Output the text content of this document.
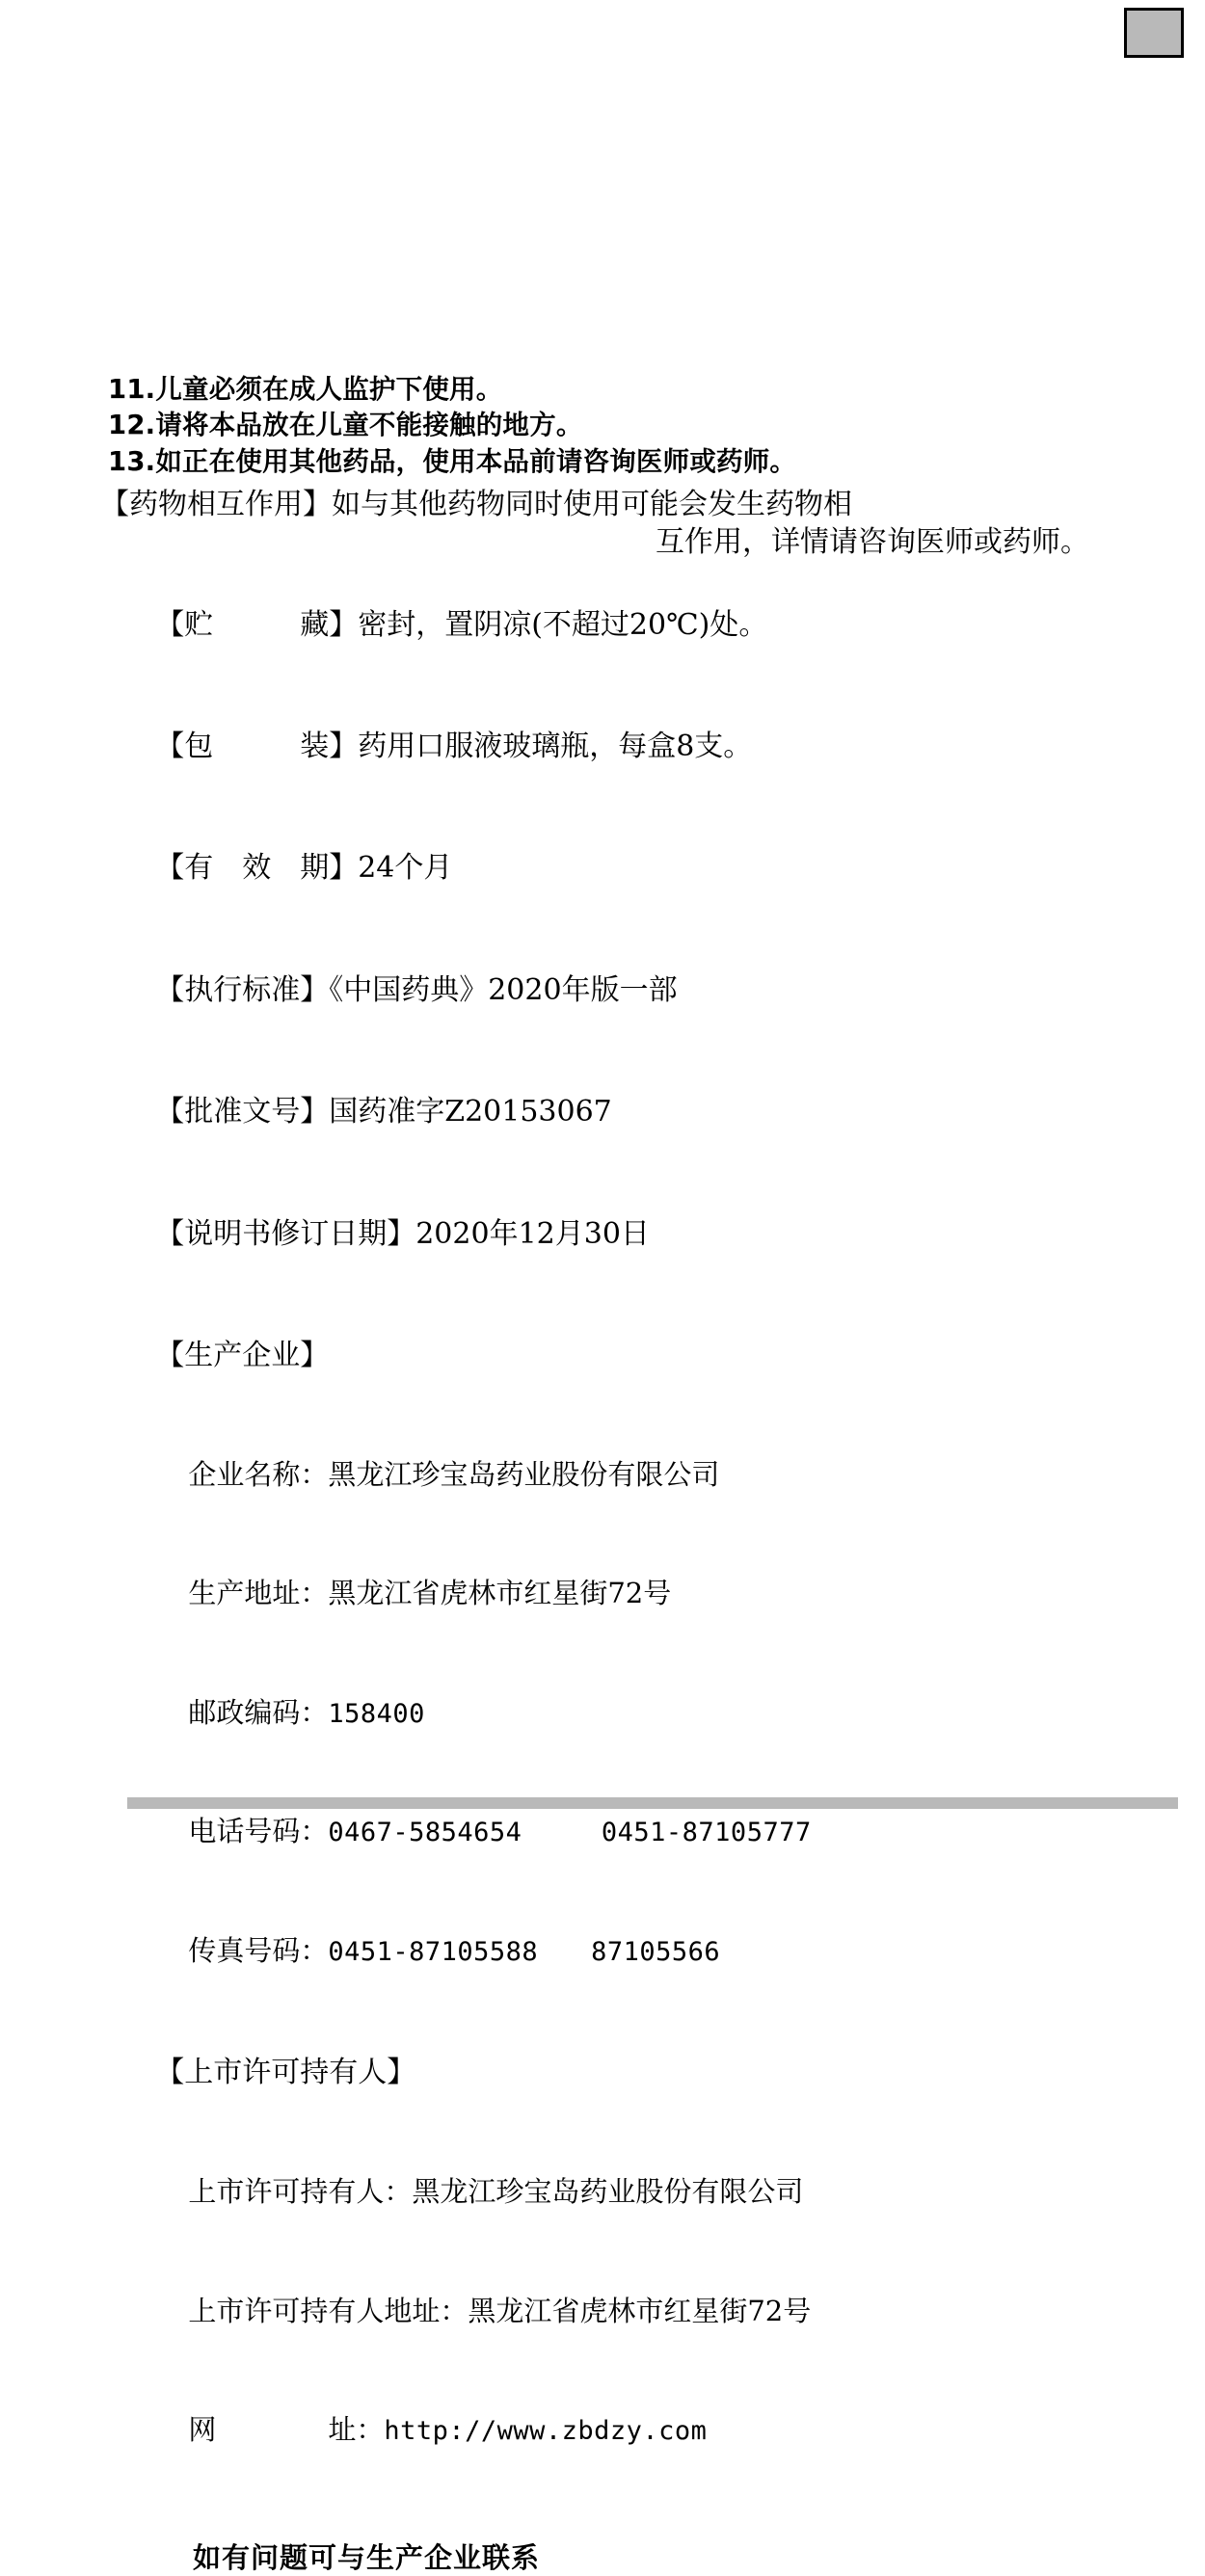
11.儿童必须在成人监护下使用。
12.请将本品放在儿童不能接触的地方。
13.如正在使用其他药品，使用本品前请咨询医师或药师。
【药物相互作用】如与其他药物同时使用可能会发生药物相
互作用，详情请咨询医师或药师。

【贮　　　藏】密封，置阴凉(不超过20℃)处。

【包　　　装】药用口服液玻璃瓶，每盒8支。

【有　效　期】24个月

【执行标准】《中国药典》2020年版一部

【批准文号】国药准字Z20153067

【说明书修订日期】2020年12月30日

【生产企业】

企业名称：黑龙江珍宝岛药业股份有限公司

生产地址：黑龙江省虎林市红星街72号

邮政编码：158400

电话号码：0467-5854654　　　0451-87105777

传真号码：0451-87105588　　87105566

【上市许可持有人】

上市许可持有人：黑龙江珍宝岛药业股份有限公司

上市许可持有人地址：黑龙江省虎林市红星街72号

网　　　　址：http://www.zbdzy.com

如有问题可与生产企业联系
